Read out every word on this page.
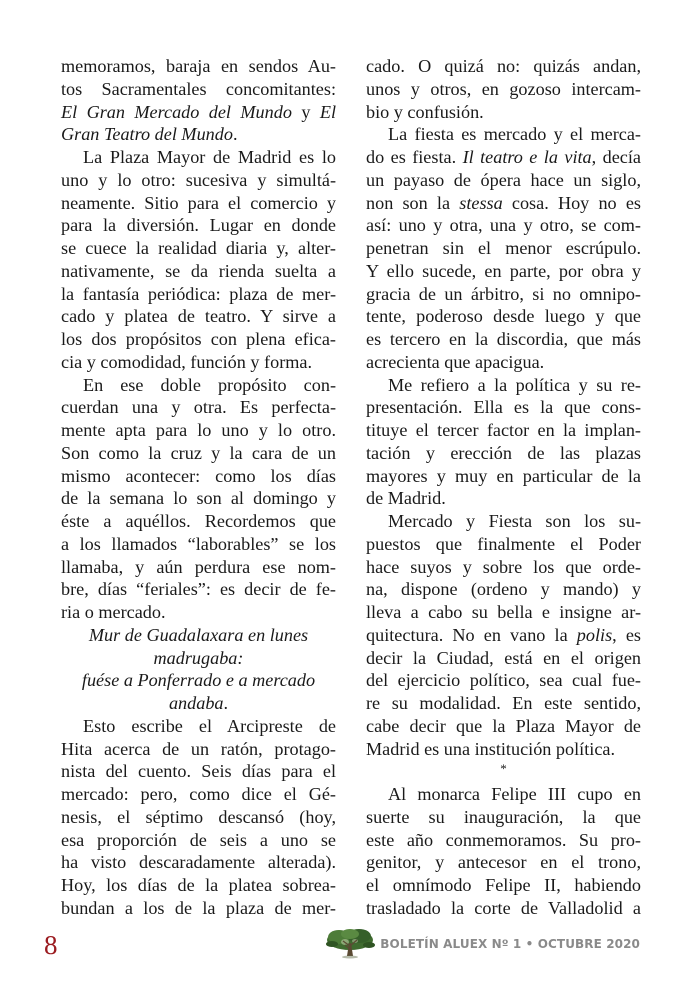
memoramos, baraja en sendos Au-
tos Sacramentales concomitantes:
El Gran Mercado del Mundo y El
Gran Teatro del Mundo.
La Plaza Mayor de Madrid es lo
uno y lo otro: sucesiva y simultá-
neamente. Sitio para el comercio y
para la diversión. Lugar en donde
se cuece la realidad diaria y, alter-
nativamente, se da rienda suelta a
la fantasía periódica: plaza de mer-
cado y platea de teatro. Y sirve a
los dos propósitos con plena efica-
cia y comodidad, función y forma.
En ese doble propósito con-
cuerdan una y otra. Es perfecta-
mente apta para lo uno y lo otro.
Son como la cruz y la cara de un
mismo acontecer: como los días
de la semana lo son al domingo y
éste a aquéllos. Recordemos que
a los llamados “laborables” se los
llamaba, y aún perdura ese nom-
bre, días “feriales”: es decir de fe-
ria o mercado.
Mur de Guadalaxara en lunes
madrugaba:
fuése a Ponferrado e a mercado
andaba.
Esto escribe el Arcipreste de
Hita acerca de un ratón, protago-
nista del cuento. Seis días para el
mercado: pero, como dice el Gé-
nesis, el séptimo descansó (hoy,
esa proporción de seis a uno se
ha visto descaradamente alterada).
Hoy, los días de la platea sobrea-
bundan a los de la plaza de mer-
cado. O quizá no: quizás andan,
unos y otros, en gozoso intercam-
bio y confusión.
La fiesta es mercado y el merca-
do es fiesta. Il teatro e la vita, decía
un payaso de ópera hace un siglo,
non son la stessa cosa. Hoy no es
así: uno y otra, una y otro, se com-
penetran sin el menor escrúpulo.
Y ello sucede, en parte, por obra y
gracia de un árbitro, si no omnipo-
tente, poderoso desde luego y que
es tercero en la discordia, que más
acrecienta que apacigua.
Me refiero a la política y su re-
presentación. Ella es la que cons-
tituye el tercer factor en la implan-
tación y erección de las plazas
mayores y muy en particular de la
de Madrid.
Mercado y Fiesta son los su-
puestos que finalmente el Poder
hace suyos y sobre los que orde-
na, dispone (ordeno y mando) y
lleva a cabo su bella e insigne ar-
quitectura. No en vano la polis, es
decir la Ciudad, está en el origen
del ejercicio político, sea cual fue-
re su modalidad. En este sentido,
cabe decir que la Plaza Mayor de
Madrid es una institución política.
*
Al monarca Felipe III cupo en
suerte su inauguración, la que
este año conmemoramos. Su pro-
genitor, y antecesor en el trono,
el omnímodo Felipe II, habiendo
trasladado la corte de Valladolid a
8	BOLETÍN ALUEX Nº 1 • OCTUBRE 2020
